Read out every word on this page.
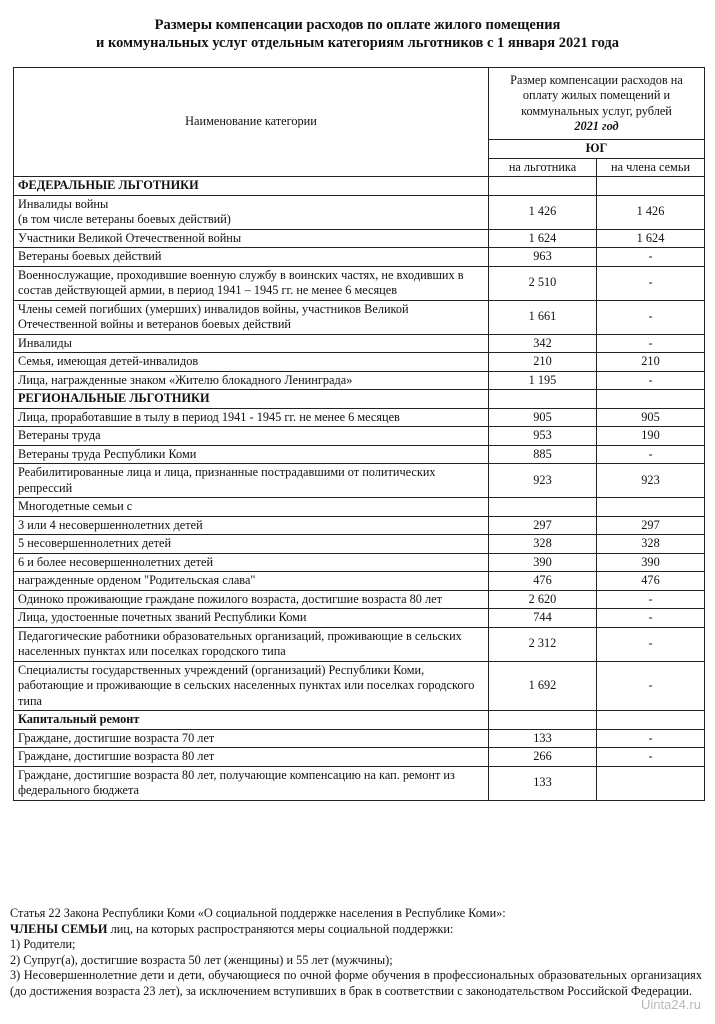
Размеры компенсации расходов по оплате жилого помещения
и коммунальных услуг отдельным категориям льготников с 1 января 2021 года
Наименование категории	Размер компенсации расходов на оплату жилых помещений и коммунальных услуг, рублей
2021 год	
	ЮГ	
	на льготника	на члена семьи
ФЕДЕРАЛЬНЫЕ ЛЬГОТНИКИ		
Инвалиды войны
(в том числе ветераны боевых действий)	1 426	1 426
Участники Великой Отечественной войны	1 624	1 624
Ветераны боевых действий	963	-
Военнослужащие, проходившие военную службу в воинских частях, не входивших в состав действующей армии, в период 1941 – 1945 гг. не менее 6 месяцев	2 510	-
Члены семей погибших (умерших) инвалидов войны, участников Великой Отечественной войны и ветеранов боевых действий	1 661	-
Инвалиды	342	-
Семья, имеющая детей-инвалидов	210	210
Лица, награжденные знаком «Жителю блокадного Ленинграда»	1 195	-
РЕГИОНАЛЬНЫЕ ЛЬГОТНИКИ		
Лица, проработавшие в тылу в период 1941 - 1945 гг. не менее 6 месяцев	905	905
Ветераны труда	953	190
Ветераны труда Республики Коми	885	-
Реабилитированные лица и лица, признанные пострадавшими от политических репрессий	923	923
Многодетные семьи с		
3 или 4 несовершеннолетних детей	297	297
5 несовершеннолетних детей	328	328
6 и более несовершеннолетних детей	390	390
награжденные орденом "Родительская слава"	476	476
Одиноко проживающие граждане пожилого возраста, достигшие возраста 80 лет	2 620	-
Лица, удостоенные почетных званий Республики Коми	744	-
Педагогические работники образовательных организаций, проживающие в сельских населенных пунктах или поселках городского типа	2 312	-
Специалисты государственных учреждений (организаций) Республики Коми, работающие и проживающие в сельских населенных пунктах или поселках городского типа	1 692	-
Капитальный ремонт		
Граждане, достигшие возраста 70 лет	133	-
Граждане, достигшие возраста 80 лет	266	-
Граждане, достигшие возраста 80 лет, получающие компенсацию на кап. ремонт из федерального бюджета	133	

Статья 22 Закона Республики Коми «О социальной поддержке населения в Республике Коми»:

ЧЛЕНЫ СЕМЬИ лиц, на которых распространяются меры социальной поддержки:

1) Родители;

2) Супруг(а), достигшие возраста 50 лет (женщины) и 55 лет (мужчины);

3) Несовершеннолетние дети и дети, обучающиеся по очной форме обучения в профессиональных образовательных организациях (до достижения возраста 23 лет), за исключением вступивших в брак в соответствии с законодательством Российской Федерации.

Uinta24.ru
